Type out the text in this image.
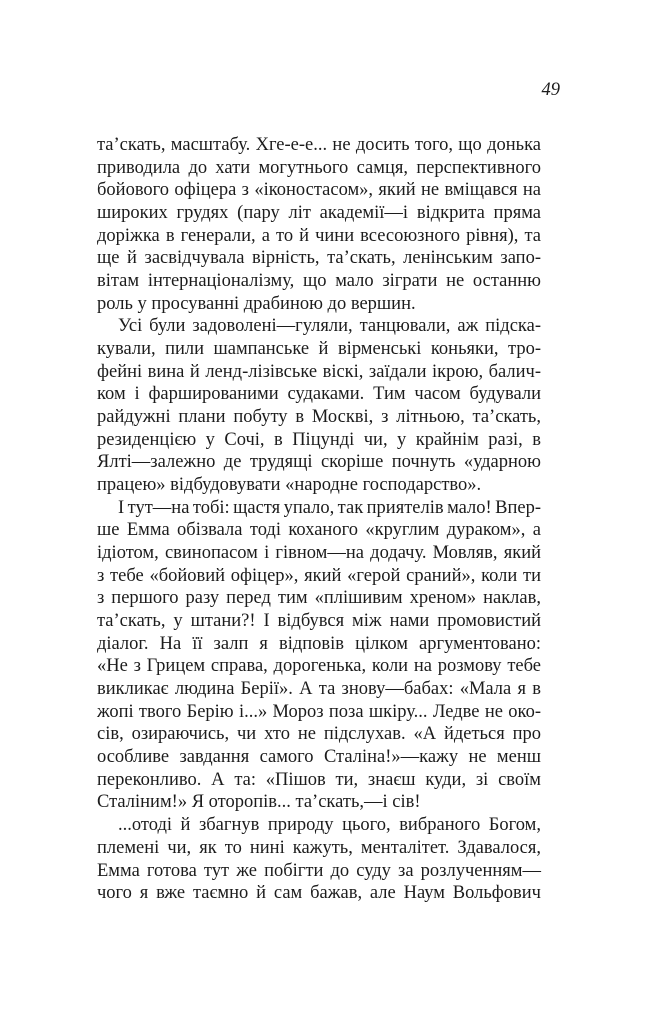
49
та’скать, масштабу. Хге-е-е... не досить того, що донька
приводила до хати могутнього самця, перспективного
бойового офіцера з «іконостасом», який не вміщався на
широких грудях (пару літ академії—і відкрита пряма
доріжка в генерали, а то й чини всесоюзного рівня), та
ще й засвідчувала вірність, та’скать, ленінським запо-
вітам інтернаціоналізму, що мало зіграти не останню
роль у просуванні драбиною до вершин.
Усі були задоволені—гуляли, танцювали, аж підска-
кували, пили шампанське й вірменські коньяки, тро-
фейні вина й ленд-лізівське віскі, заїдали ікрою, балич-
ком і фаршированими судаками. Тим часом будували
райдужні плани побуту в Москві, з літньою, та’скать,
резиденцією у Сочі, в Піцунді чи, у крайнім разі, в
Ялті—залежно де трудящі скоріше почнуть «ударною
працею» відбудовувати «народне господарство».
І тут—на тобі: щастя упало, так приятелів мало! Впер-
ше Емма обізвала тоді коханого «круглим дураком», а
ідіотом, свинопасом і гівном—на додачу. Мовляв, який
з тебе «бойовий офіцер», який «герой сраний», коли ти
з першого разу перед тим «плішивим хреном» наклав,
та’скать, у штани?! І відбувся між нами промовистий
діалог. На її залп я відповів цілком аргументовано:
«Не з Грицем справа, дорогенька, коли на розмову тебе
викликає людина Берії». А та знову—бабах: «Мала я в
жопі твого Берію і...» Мороз поза шкіру... Ледве не око-
сів, озираючись, чи хто не підслухав. «А йдеться про
особливе завдання самого Сталіна!»—кажу не менш
переконливо. А та: «Пішов ти, знаєш куди, зі своїм
Сталіним!» Я оторопів... та’скать,—і сів!
...отоді й збагнув природу цього, вибраного Богом,
племені чи, як то нині кажуть, менталітет. Здавалося,
Емма готова тут же побігти до суду за розлученням—
чого я вже таємно й сам бажав, але Наум Вольфович
